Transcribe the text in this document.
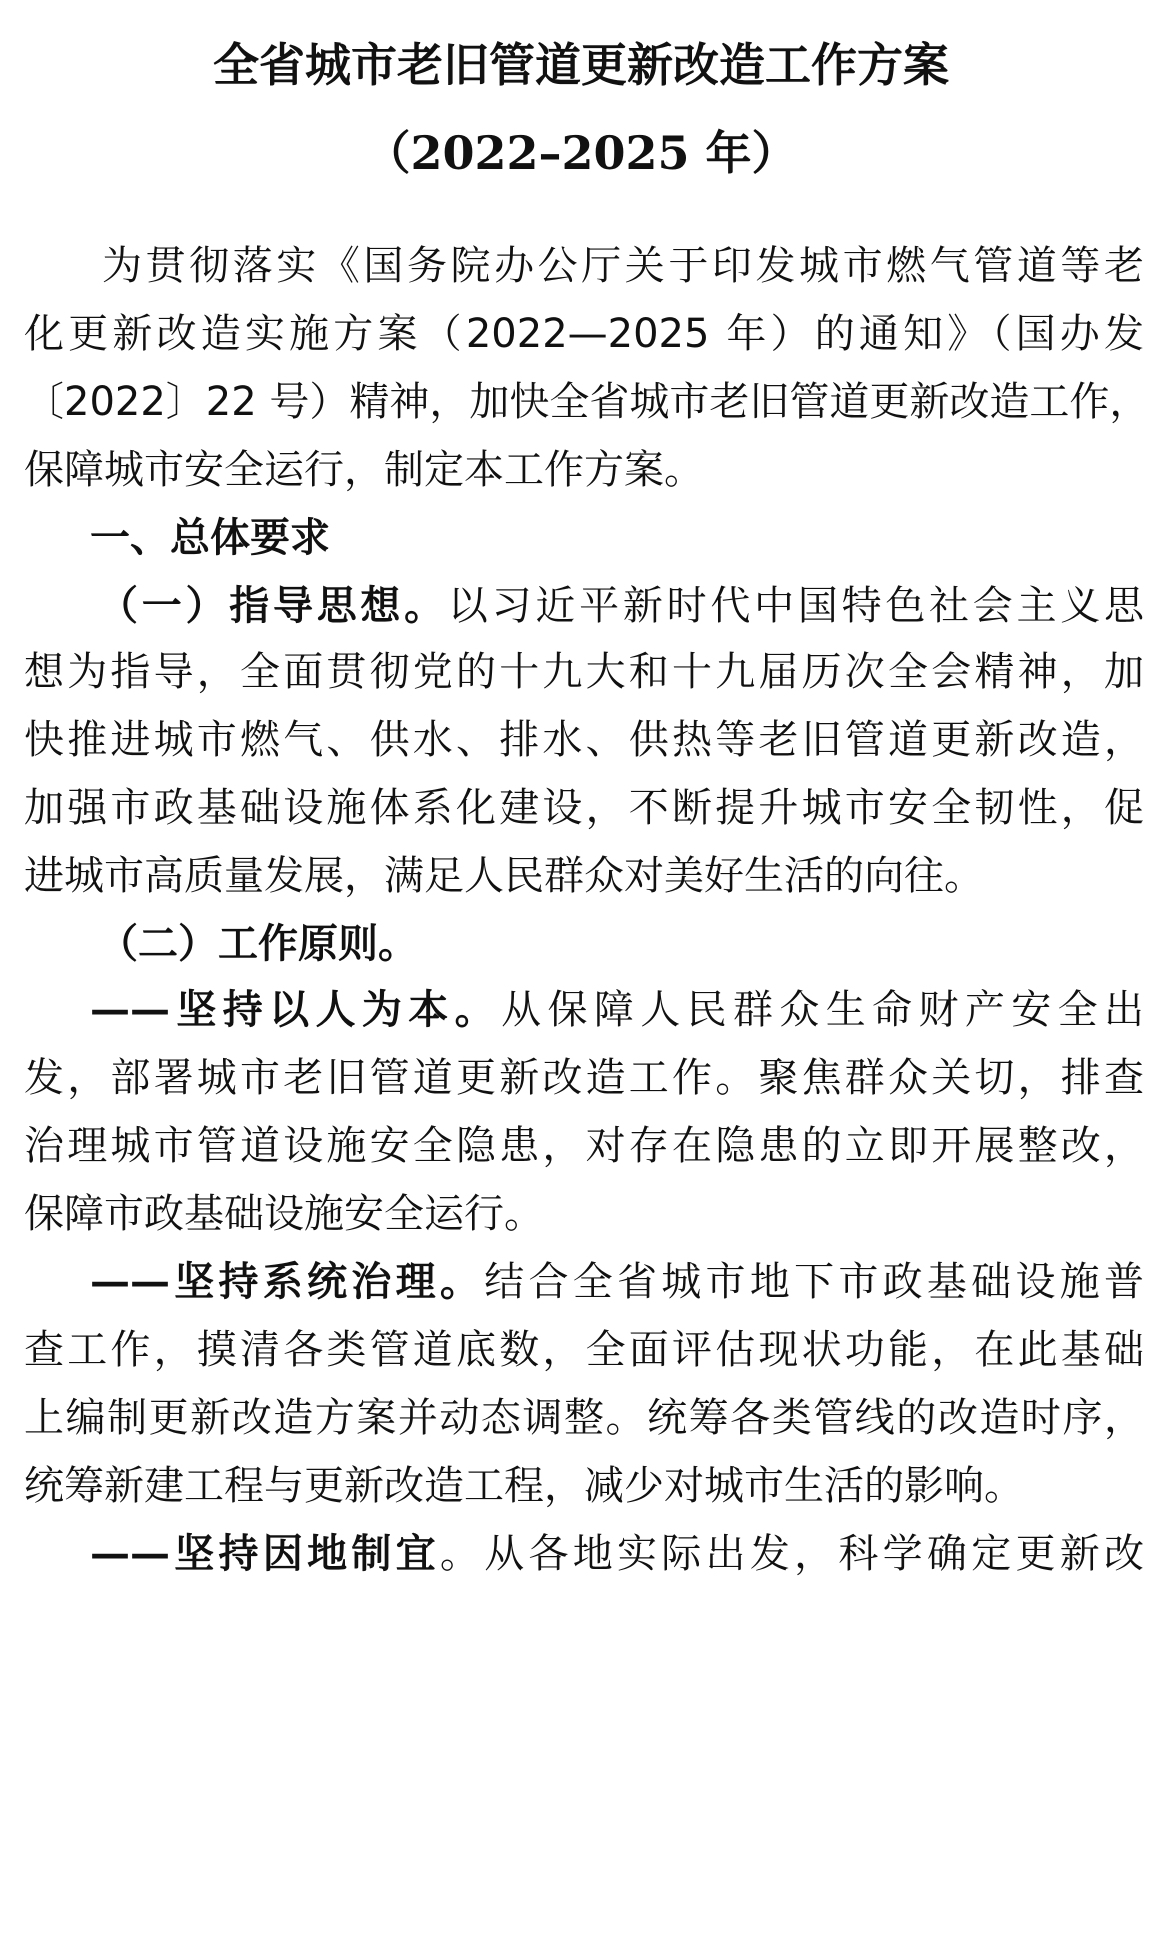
全省城市老旧管道更新改造工作方案
（2022–2025 年）
为贯彻落实《国务院办公厅关于印发城市燃气管道等老
化更新改造实施方案（2022—2025 年）的通知》（国办发
〔2022〕22 号）精神，加快全省城市老旧管道更新改造工作，
保障城市安全运行，制定本工作方案。
一、总体要求
（一）指导思想。以习近平新时代中国特色社会主义思
想为指导，全面贯彻党的十九大和十九届历次全会精神，加
快推进城市燃气、供水、排水、供热等老旧管道更新改造，
加强市政基础设施体系化建设，不断提升城市安全韧性，促
进城市高质量发展，满足人民群众对美好生活的向往。
（二）工作原则。
——坚持以人为本。从保障人民群众生命财产安全出
发，部署城市老旧管道更新改造工作。聚焦群众关切，排查
治理城市管道设施安全隐患，对存在隐患的立即开展整改，
保障市政基础设施安全运行。
——坚持系统治理。结合全省城市地下市政基础设施普
查工作，摸清各类管道底数，全面评估现状功能，在此基础
上编制更新改造方案并动态调整。统筹各类管线的改造时序，
统筹新建工程与更新改造工程，减少对城市生活的影响。
——坚持因地制宜。从各地实际出发，科学确定更新改
